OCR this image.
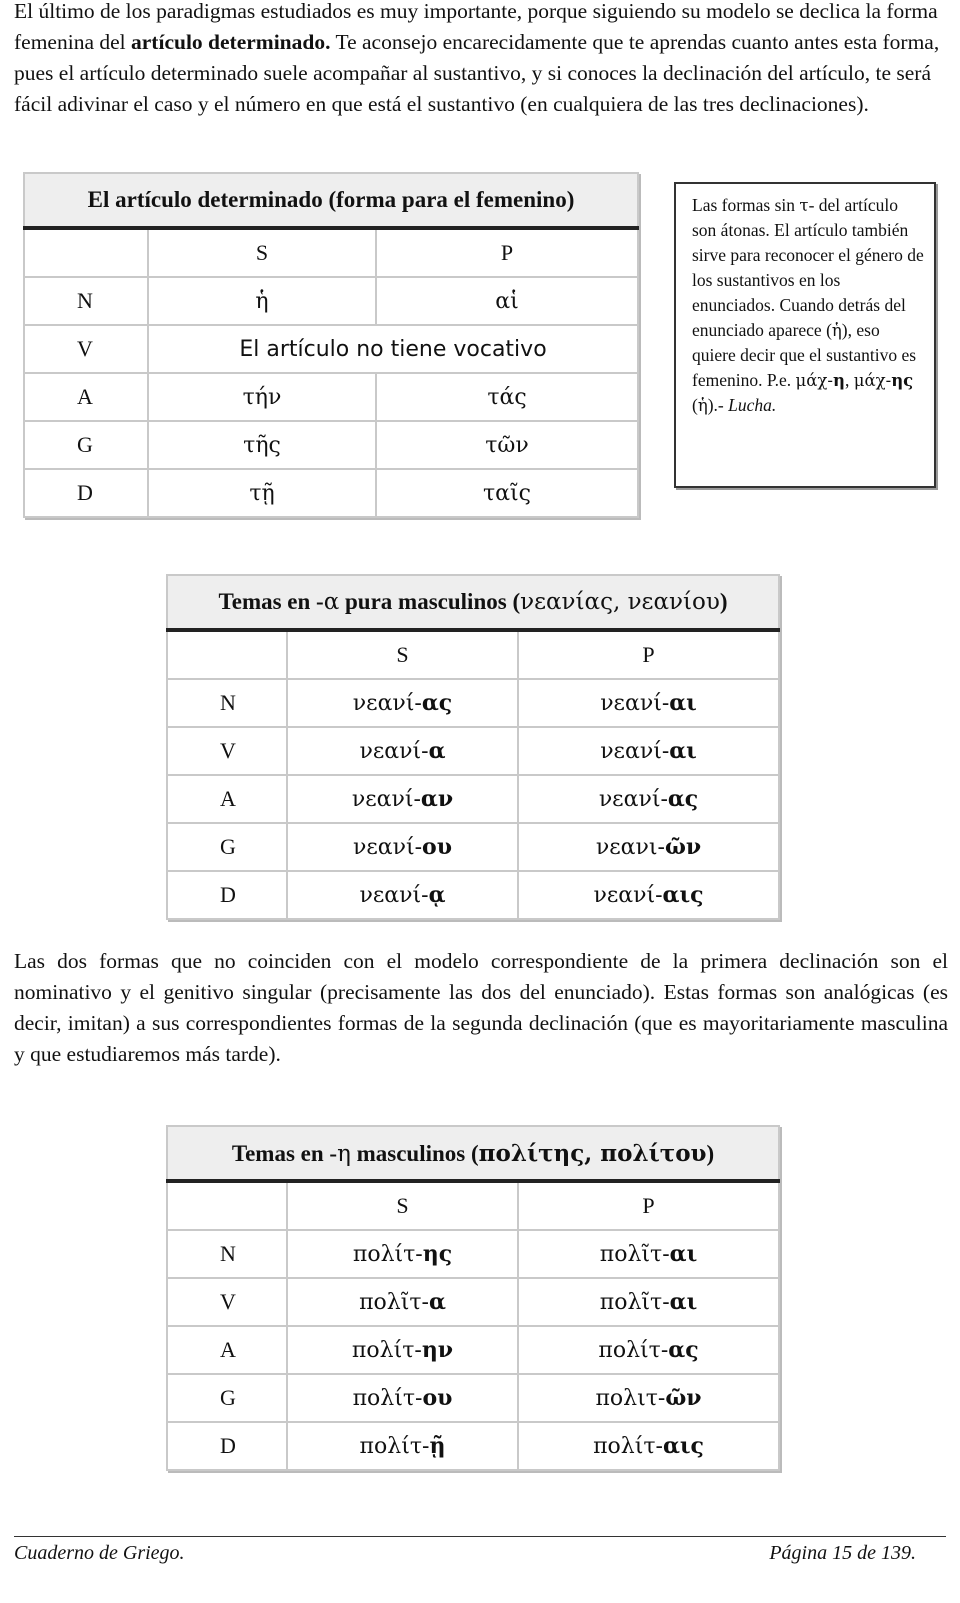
El último de los paradigmas estudiados es muy importante, porque siguiendo su modelo se declica la forma femenina del artículo determinado. Te aconsejo encarecidamente que te aprendas cuanto antes esta forma, pues el artículo determinado suele acompañar al sustantivo, y si conoces la declinación del artículo, te será fácil adivinar el caso y el número en que está el sustantivo (en cualquiera de las tres declinaciones).

El artículo determinado (forma para el femenino)		
	S	P
N	ἡ	αἱ
V	El artículo no tiene vocativo	
A	τήν	τάς
G	τῆς	τῶν
D	τῇ	ταῖς
Las formas sin τ- del artículo son átonas. El artículo también sirve para reconocer el género de los sustantivos en los enunciados. Cuando detrás del enunciado aparece (ἡ), eso quiere decir que el sustantivo es femenino. P.e. μάχ-η, μάχ-ης (ἡ).- Lucha.
Temas en -α pura masculinos (νεανίας, νεανίου)		
	S	P
N	νεανί-ας	νεανί-αι
V	νεανί-α	νεανί-αι
A	νεανί-αν	νεανί-ας
G	νεανί-ου	νεανι-ῶν
D	νεανί-ᾳ	νεανί-αις

Las dos formas que no coinciden con el modelo correspondiente de la primera declinación son el nominativo y el genitivo singular (precisamente las dos del enunciado). Estas formas son analógicas (es decir, imitan) a sus correspondientes formas de la segunda declinación (que es mayoritariamente masculina y que estudiaremos más tarde).

Temas en -η masculinos (πολίτης, πολίτου)		
	S	P
N	πολίτ-ης	πολῖτ-αι
V	πολῖτ-α	πολῖτ-αι
A	πολίτ-ην	πολίτ-ας
G	πολίτ-ου	πολιτ-ῶν
D	πολίτ-ῇ	πολίτ-αις
Cuaderno de Griego.	Página 15 de 139.
